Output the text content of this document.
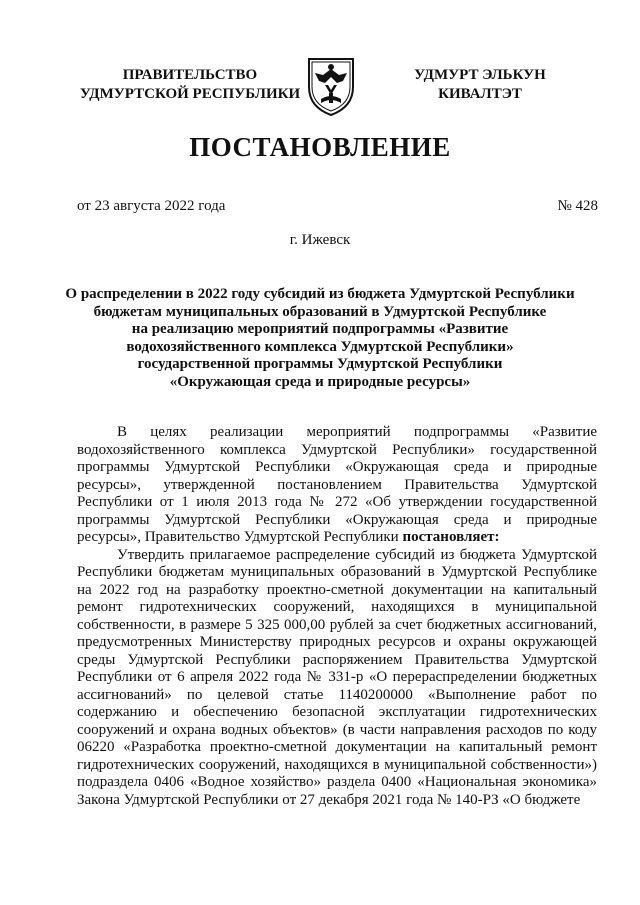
ПРАВИТЕЛЬСТВО
УДМУРТСКОЙ РЕСПУБЛИКИ
УДМУРТ ЭЛЬКУН
КИВАЛТЭТ
ПОСТАНОВЛЕНИЕ
от 23 августа 2022 года	№ 428
г. Ижевск
О распределении в 2022 году субсидий из бюджета Удмуртской Республики
бюджетам муниципальных образований в Удмуртской Республике
на реализацию мероприятий подпрограммы «Развитие
водохозяйственного комплекса Удмуртской Республики»
государственной программы Удмуртской Республики
«Окружающая среда и природные ресурсы»

В целях реализации мероприятий подпрограммы «Развитие водохозяйственного комплекса Удмуртской Республики» государственной программы Удмуртской Республики «Окружающая среда и природные ресурсы», утвержденной постановлением Правительства Удмуртской Республики от 1 июля 2013 года № 272 «Об утверждении государственной программы Удмуртской Республики «Окружающая среда и природные ресурсы», Правительство Удмуртской Республики постановляет:

Утвердить прилагаемое распределение субсидий из бюджета Удмуртской Республики бюджетам муниципальных образований в Удмуртской Республике на 2022 год на разработку проектно-сметной документации на капитальный ремонт гидротехнических сооружений, находящихся в муниципальной собственности, в размере 5 325 000,00 рублей за счет бюджетных ассигнований, предусмотренных Министерству природных ресурсов и охраны окружающей среды Удмуртской Республики распоряжением Правительства Удмуртской Республики от 6 апреля 2022 года № 331-р «О перераспределении бюджетных ассигнований» по целевой статье 1140200000 «Выполнение работ по содержанию и обеспечению безопасной эксплуатации гидротехнических сооружений и охрана водных объектов» (в части направления расходов по коду 06220 «Разработка проектно-сметной документации на капитальный ремонт гидротехнических сооружений, находящихся в муниципальной собственности») подраздела 0406 «Водное хозяйство» раздела 0400 «Национальная экономика» Закона Удмуртской Республики от 27 декабря 2021 года № 140-РЗ «О бюджете
